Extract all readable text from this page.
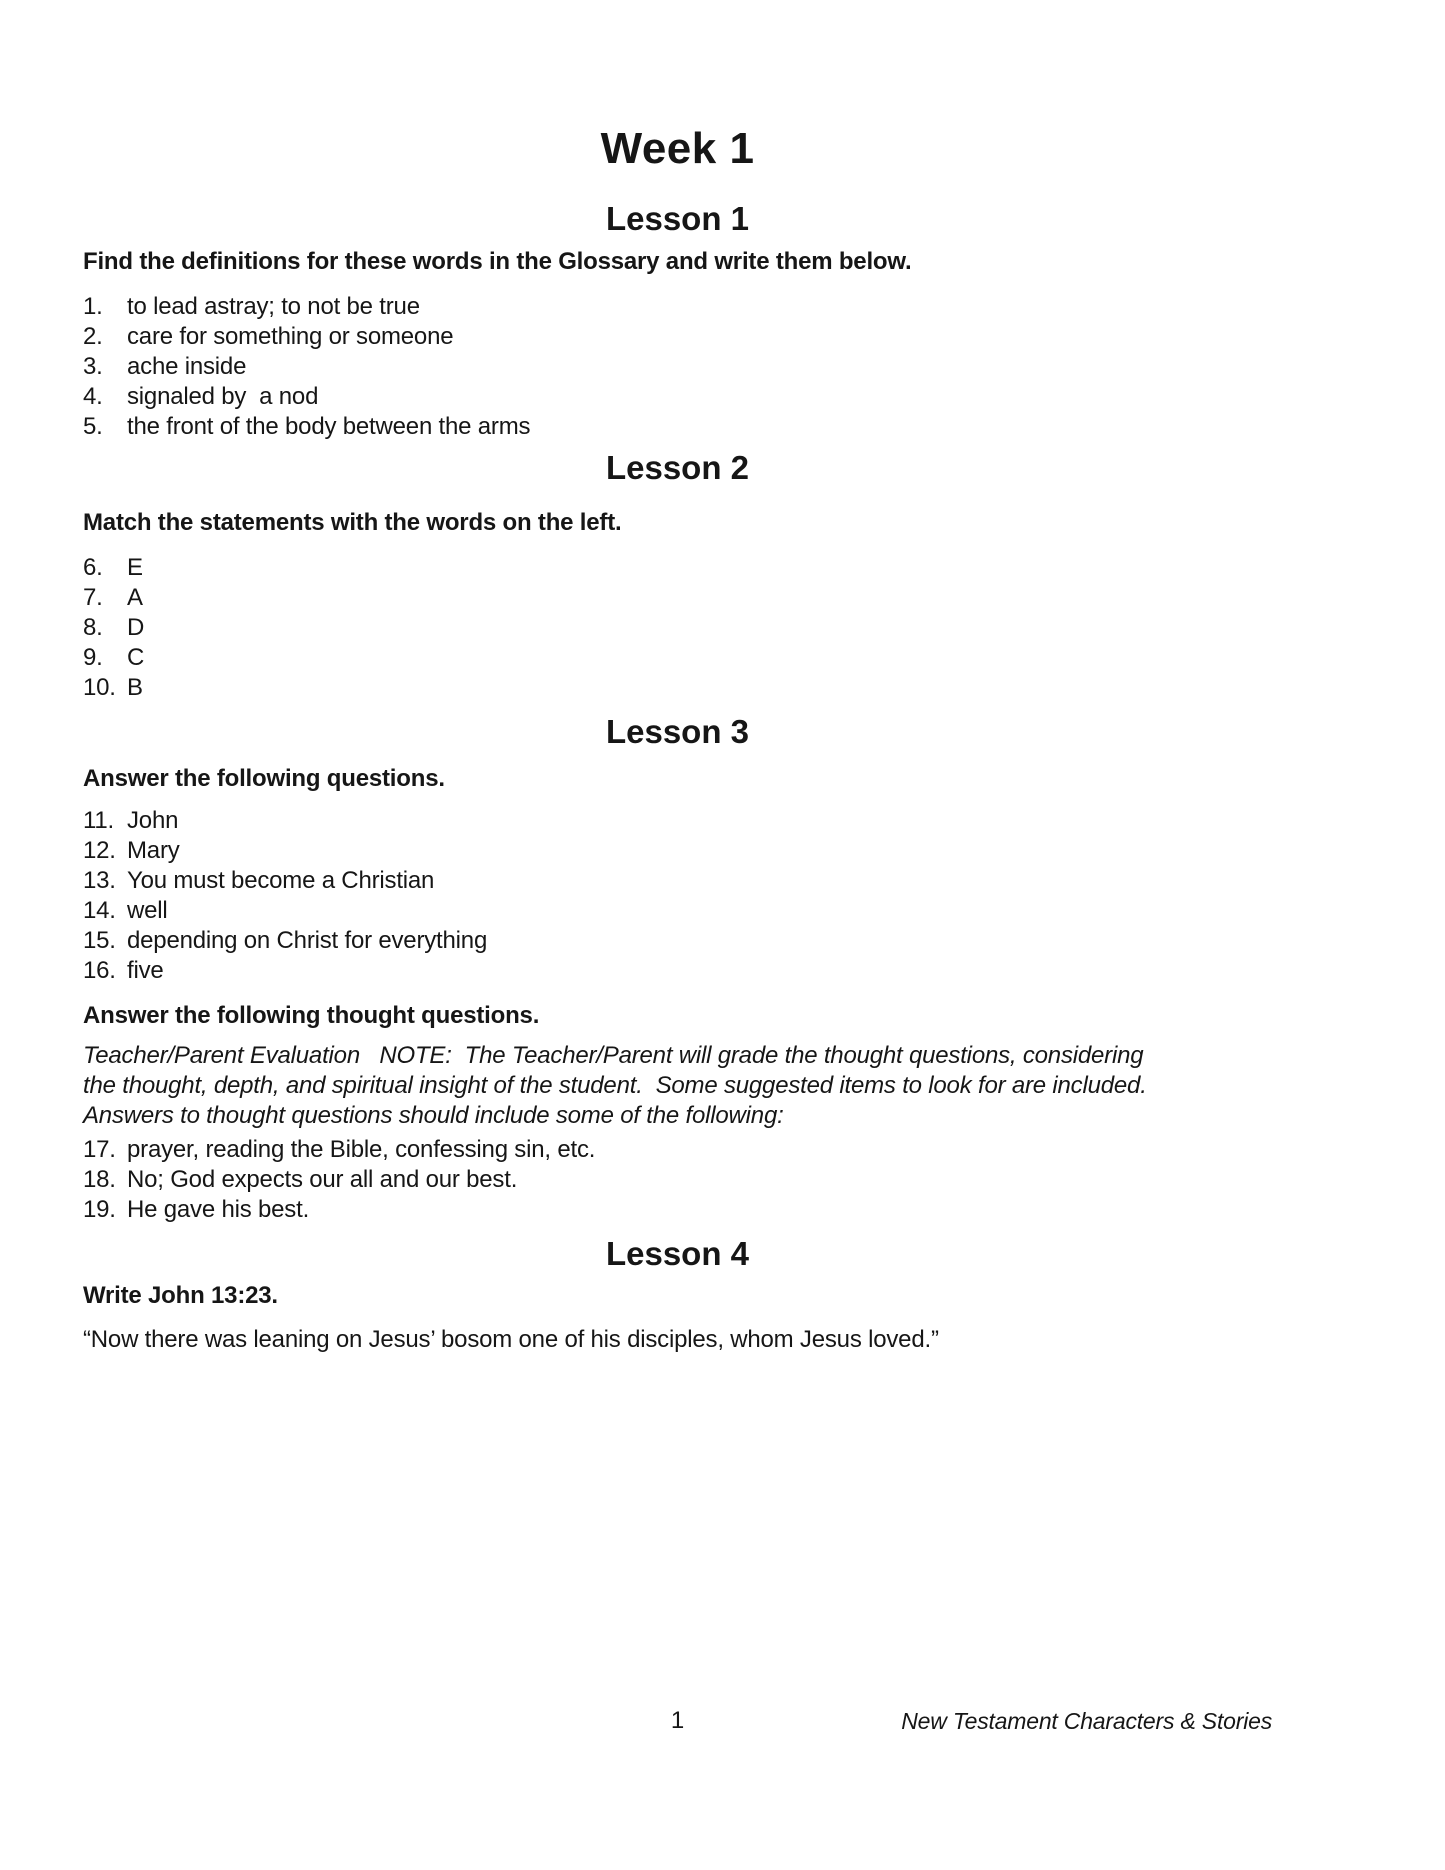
Week 1
Lesson 1
Find the definitions for these words in the Glossary and write them below.
1.	to lead astray; to not be true
2.	care for something or someone
3.	ache inside
4.	signaled by  a nod
5.	the front of the body between the arms
Lesson 2
Match the statements with the words on the left.
6.	E
7.	A
8.	D
9.	C
10. B
Lesson 3
Answer the following questions.
11. John
12. Mary
13. You must become a Christian
14. well
15. depending on Christ for everything
16. five
Answer the following thought questions.
Teacher/Parent Evaluation   NOTE:  The Teacher/Parent will grade the thought questions, considering
the thought, depth, and spiritual insight of the student.  Some suggested items to look for are included.
Answers to thought questions should include some of the following:
17. prayer, reading the Bible, confessing sin, etc.
18. No; God expects our all and our best.
19. He gave his best.
Lesson 4
Write John 13:23.
“Now there was leaning on Jesus’ bosom one of his disciples, whom Jesus loved.”
1	New Testament Characters & Stories
